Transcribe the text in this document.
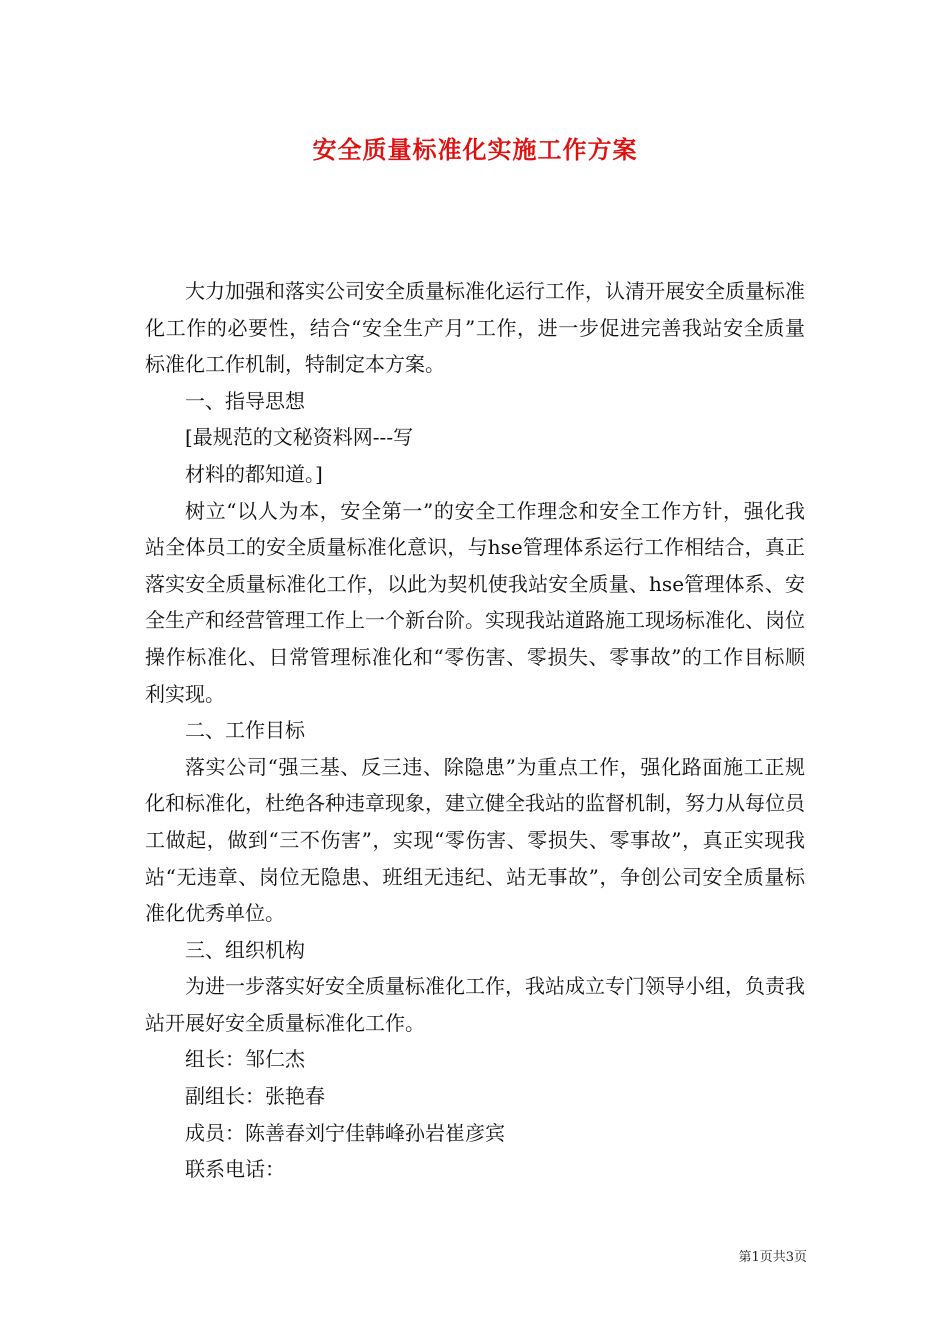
安全质量标准化实施工作方案

大力加强和落实公司安全质量标准化运行工作，认清开展安全质量标准化工作的必要性，结合“安全生产月”工作，进一步促进完善我站安全质量标准化工作机制，特制定本方案。

一、指导思想

[最规范的文秘资料网---写

材料的都知道。]

树立“以人为本，安全第一”的安全工作理念和安全工作方针，强化我站全体员工的安全质量标准化意识，与hse管理体系运行工作相结合，真正落实安全质量标准化工作，以此为契机使我站安全质量、hse管理体系、安全生产和经营管理工作上一个新台阶。实现我站道路施工现场标准化、岗位操作标准化、日常管理标准化和“零伤害、零损失、零事故”的工作目标顺利实现。

二、工作目标

落实公司“强三基、反三违、除隐患”为重点工作，强化路面施工正规化和标准化，杜绝各种违章现象，建立健全我站的监督机制，努力从每位员工做起，做到“三不伤害”，实现“零伤害、零损失、零事故”，真正实现我站“无违章、岗位无隐患、班组无违纪、站无事故”，争创公司安全质量标准化优秀单位。

三、组织机构

为进一步落实好安全质量标准化工作，我站成立专门领导小组，负责我站开展好安全质量标准化工作。

组长：邹仁杰

副组长：张艳春

成员：陈善春刘宁佳韩峰孙岩崔彦宾

联系电话：

第1页共3页
